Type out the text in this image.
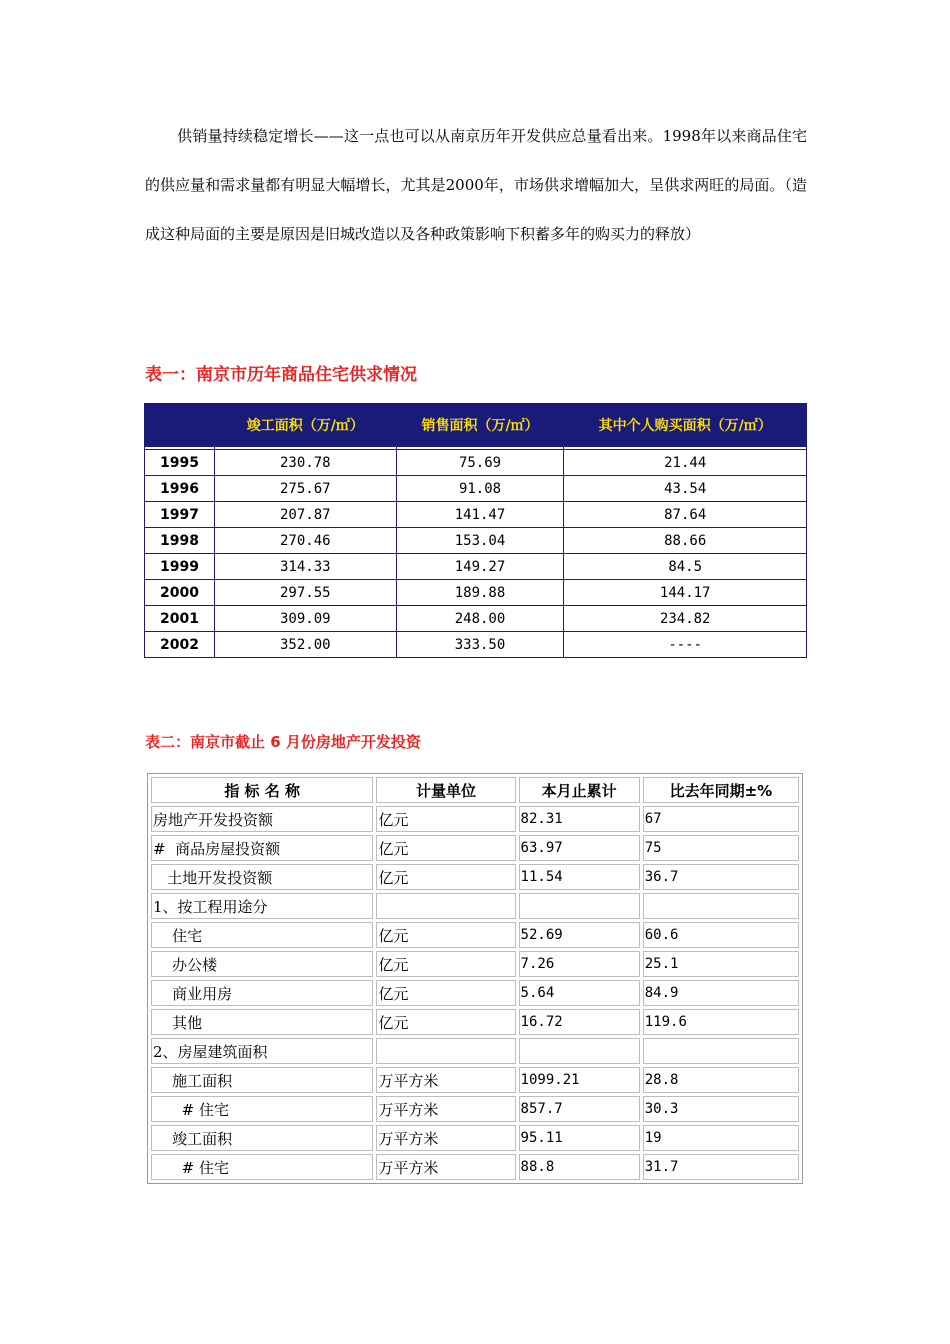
供销量持续稳定增长——这一点也可以从南京历年开发供应总量看出来。1998年以来商品住宅的供应量和需求量都有明显大幅增长，尤其是2000年，市场供求增幅加大，呈供求两旺的局面。（造成这种局面的主要是原因是旧城改造以及各种政策影响下积蓄多年的购买力的释放）

表一：南京市历年商品住宅供求情况
	竣工面积（万/㎡）	销售面积（万/㎡）	其中个人购买面积（万/㎡）

1995	230.78	75.69	21.44
1996	275.67	91.08	43.54
1997	207.87	141.47	87.64
1998	270.46	153.04	88.66
1999	314.33	149.27	84.5
2000	297.55	189.88	144.17
2001	309.09	248.00	234.82
2002	352.00	333.50	----
表二：南京市截止 6 月份房地产开发投资
指 标 名 称	计量单位	本月止累计	比去年同期±%
房地产开发投资额	亿元	82.31	67
#  商品房屋投资额	亿元	63.97	75
土地开发投资额	亿元	11.54	36.7
1、按工程用途分			
住宅	亿元	52.69	60.6
办公楼	亿元	7.26	25.1
商业用房	亿元	5.64	84.9
其他	亿元	16.72	119.6
2、房屋建筑面积			
施工面积	万平方米	1099.21	28.8
# 住宅	万平方米	857.7	30.3
竣工面积	万平方米	95.11	19
# 住宅	万平方米	88.8	31.7
